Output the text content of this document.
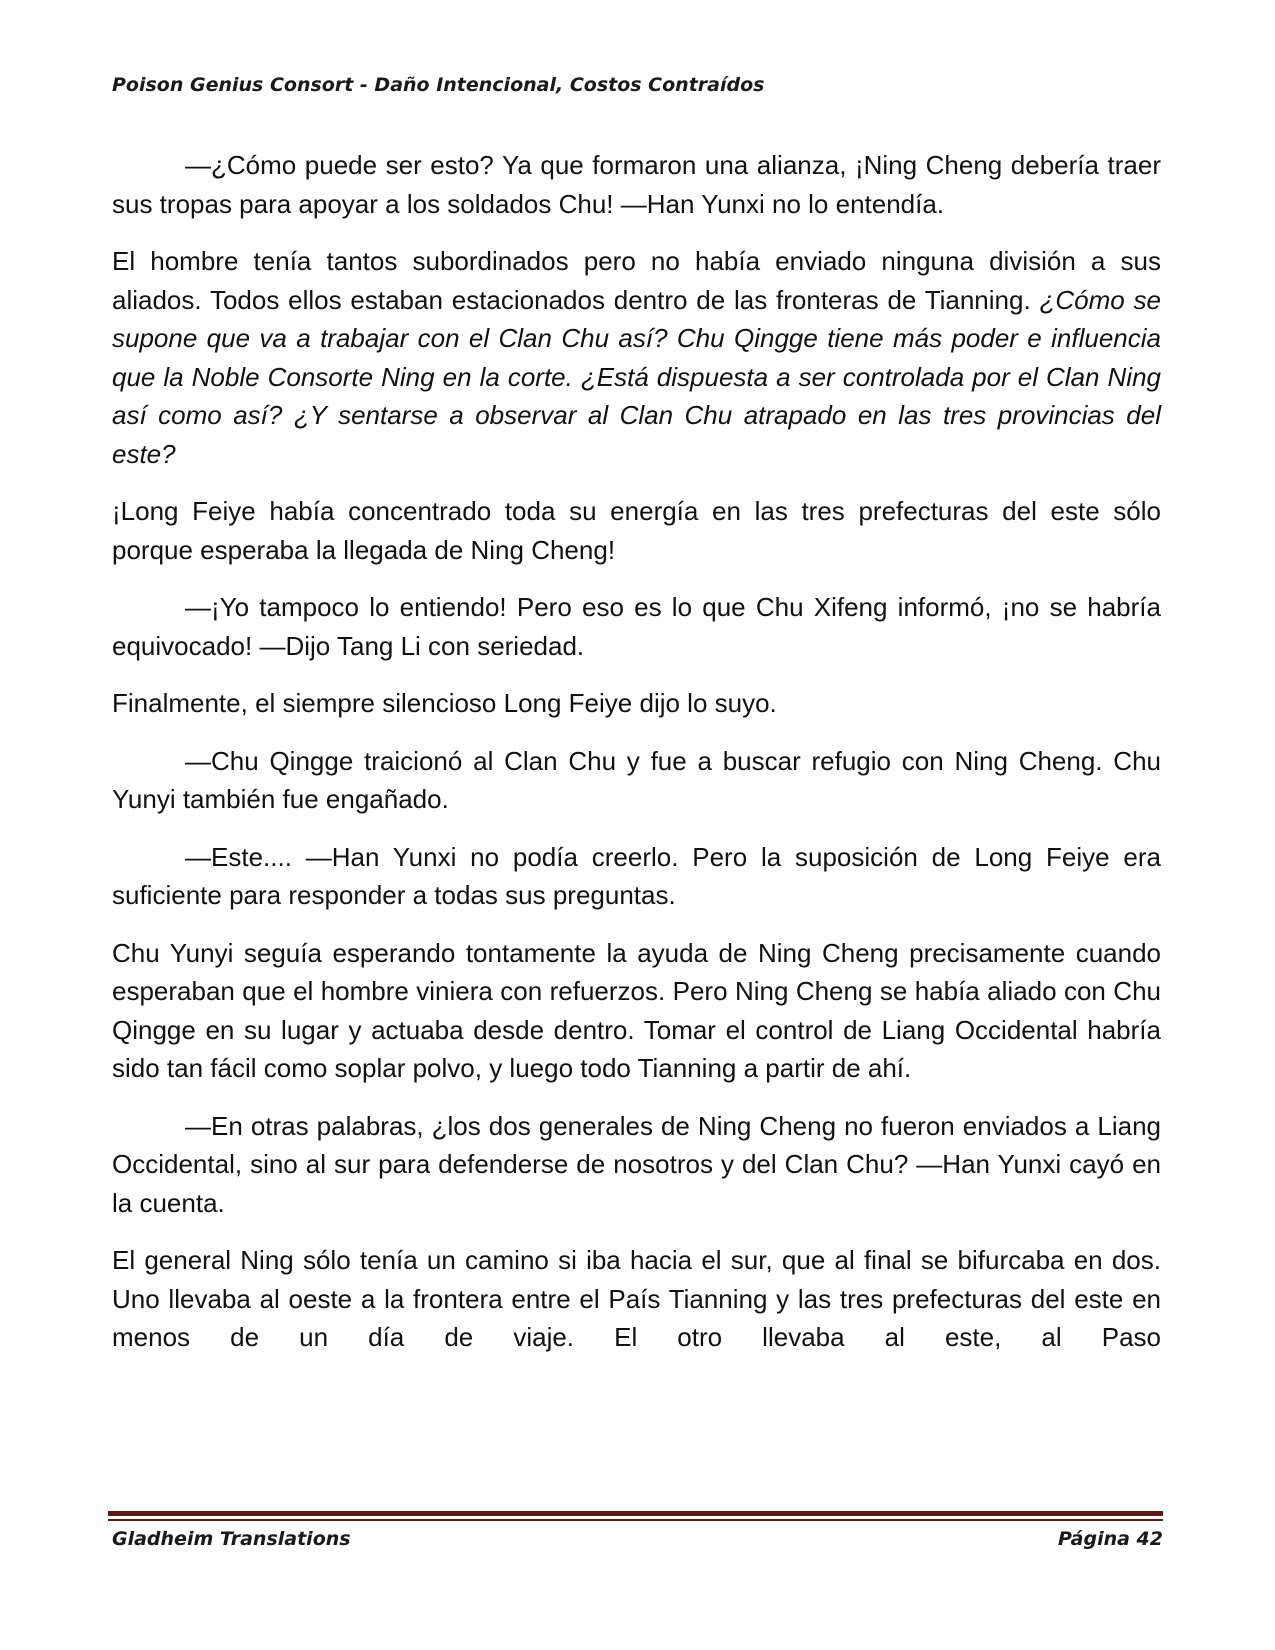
Poison Genius Consort - Daño Intencional, Costos Contraídos

—¿Cómo puede ser esto? Ya que formaron una alianza, ¡Ning Cheng debería traer sus tropas para apoyar a los soldados Chu! —Han Yunxi no lo entendía.

El hombre tenía tantos subordinados pero no había enviado ninguna división a sus aliados. Todos ellos estaban estacionados dentro de las fronteras de Tianning. ¿Cómo se supone que va a trabajar con el Clan Chu así? Chu Qingge tiene más poder e influencia que la Noble Consorte Ning en la corte. ¿Está dispuesta a ser controlada por el Clan Ning así como así? ¿Y sentarse a observar al Clan Chu atrapado en las tres provincias del este?

¡Long Feiye había concentrado toda su energía en las tres prefecturas del este sólo porque esperaba la llegada de Ning Cheng!

—¡Yo tampoco lo entiendo! Pero eso es lo que Chu Xifeng informó, ¡no se habría equivocado! —Dijo Tang Li con seriedad.

Finalmente, el siempre silencioso Long Feiye dijo lo suyo.

—Chu Qingge traicionó al Clan Chu y fue a buscar refugio con Ning Cheng. Chu Yunyi también fue engañado.

—Este.... —Han Yunxi no podía creerlo. Pero la suposición de Long Feiye era suficiente para responder a todas sus preguntas.

Chu Yunyi seguía esperando tontamente la ayuda de Ning Cheng precisamente cuando esperaban que el hombre viniera con refuerzos. Pero Ning Cheng se había aliado con Chu Qingge en su lugar y actuaba desde dentro. Tomar el control de Liang Occidental habría sido tan fácil como soplar polvo, y luego todo Tianning a partir de ahí.

—En otras palabras, ¿los dos generales de Ning Cheng no fueron enviados a Liang Occidental, sino al sur para defenderse de nosotros y del Clan Chu? —Han Yunxi cayó en la cuenta.

El general Ning sólo tenía un camino si iba hacia el sur, que al final se bifurcaba en dos. Uno llevaba al oeste a la frontera entre el País Tianning y las tres prefecturas del este en menos de un día de viaje. El otro llevaba al este, al Paso

Gladheim Translations	Página 42
